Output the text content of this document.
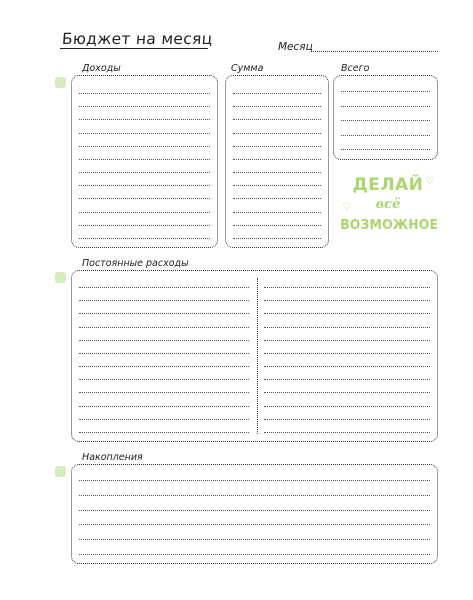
Бюджет на месяц	Месяц
Доходы	Сумма	Всего
ДЕЛАЙ
всё
ВОЗМОЖНОЕ
♡
♡
Постоянные расходы
Накопления
